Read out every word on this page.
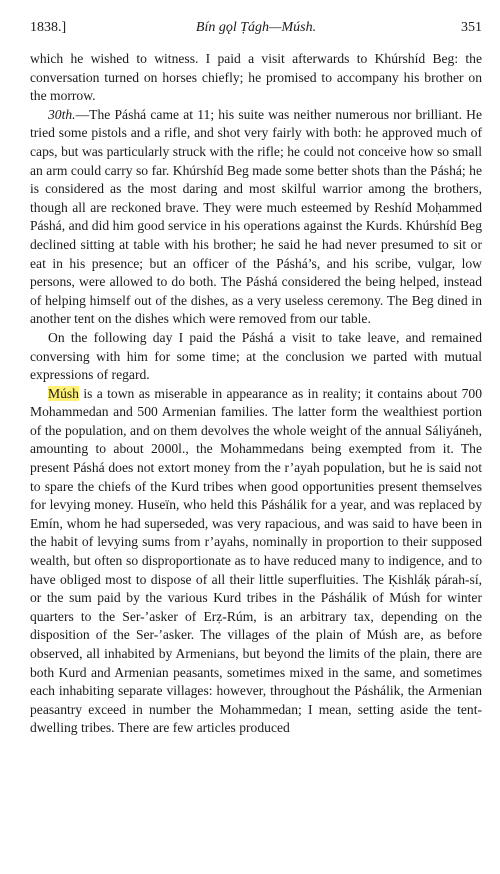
1838.]	Bín gǫl Ṭágh—Músh.	351

which he wished to witness. I paid a visit afterwards to Khúrshíd Beg: the conversation turned on horses chiefly; he promised to accompany his brother on the morrow.

30th.—The Páshá came at 11; his suite was neither numerous nor brilliant. He tried some pistols and a rifle, and shot very fairly with both: he approved much of caps, but was particularly struck with the rifle; he could not conceive how so small an arm could carry so far. Khúrshíd Beg made some better shots than the Páshá; he is considered as the most daring and most skilful warrior among the brothers, though all are reckoned brave. They were much esteemed by Reshíd Moḥammed Páshá, and did him good service in his operations against the Kurds. Khúrshíd Beg declined sitting at table with his brother; he said he had never presumed to sit or eat in his presence; but an officer of the Páshá’s, and his scribe, vulgar, low persons, were allowed to do both. The Páshá considered the being helped, instead of helping himself out of the dishes, as a very useless ceremony. The Beg dined in another tent on the dishes which were removed from our table.

On the following day I paid the Páshá a visit to take leave, and remained conversing with him for some time; at the conclusion we parted with mutual expressions of regard.

Músh is a town as miserable in appearance as in reality; it contains about 700 Mohammedan and 500 Armenian families. The latter form the wealthiest portion of the population, and on them devolves the whole weight of the annual Sáliyáneh, amounting to about 2000l., the Mohammedans being exempted from it. The present Páshá does not extort money from the r’ayah population, but he is said not to spare the chiefs of the Kurd tribes when good opportunities present themselves for levying money. Huseïn, who held this Páshálik for a year, and was replaced by Emín, whom he had superseded, was very rapacious, and was said to have been in the habit of levying sums from r’ayahs, nominally in proportion to their supposed wealth, but often so disproportionate as to have reduced many to indigence, and to have obliged most to dispose of all their little superfluities. The Ḳishláḳ párah-sí, or the sum paid by the various Kurd tribes in the Páshálik of Músh for winter quarters to the Ser-’asker of Erẓ-Rúm, is an arbitrary tax, depending on the disposition of the Ser-’asker. The villages of the plain of Músh are, as before observed, all inhabited by Armenians, but beyond the limits of the plain, there are both Kurd and Armenian peasants, sometimes mixed in the same, and sometimes each inhabiting separate villages: however, throughout the Páshálik, the Armenian peasantry exceed in number the Mohammedan; I mean, setting aside the tent-dwelling tribes. There are few articles produced
